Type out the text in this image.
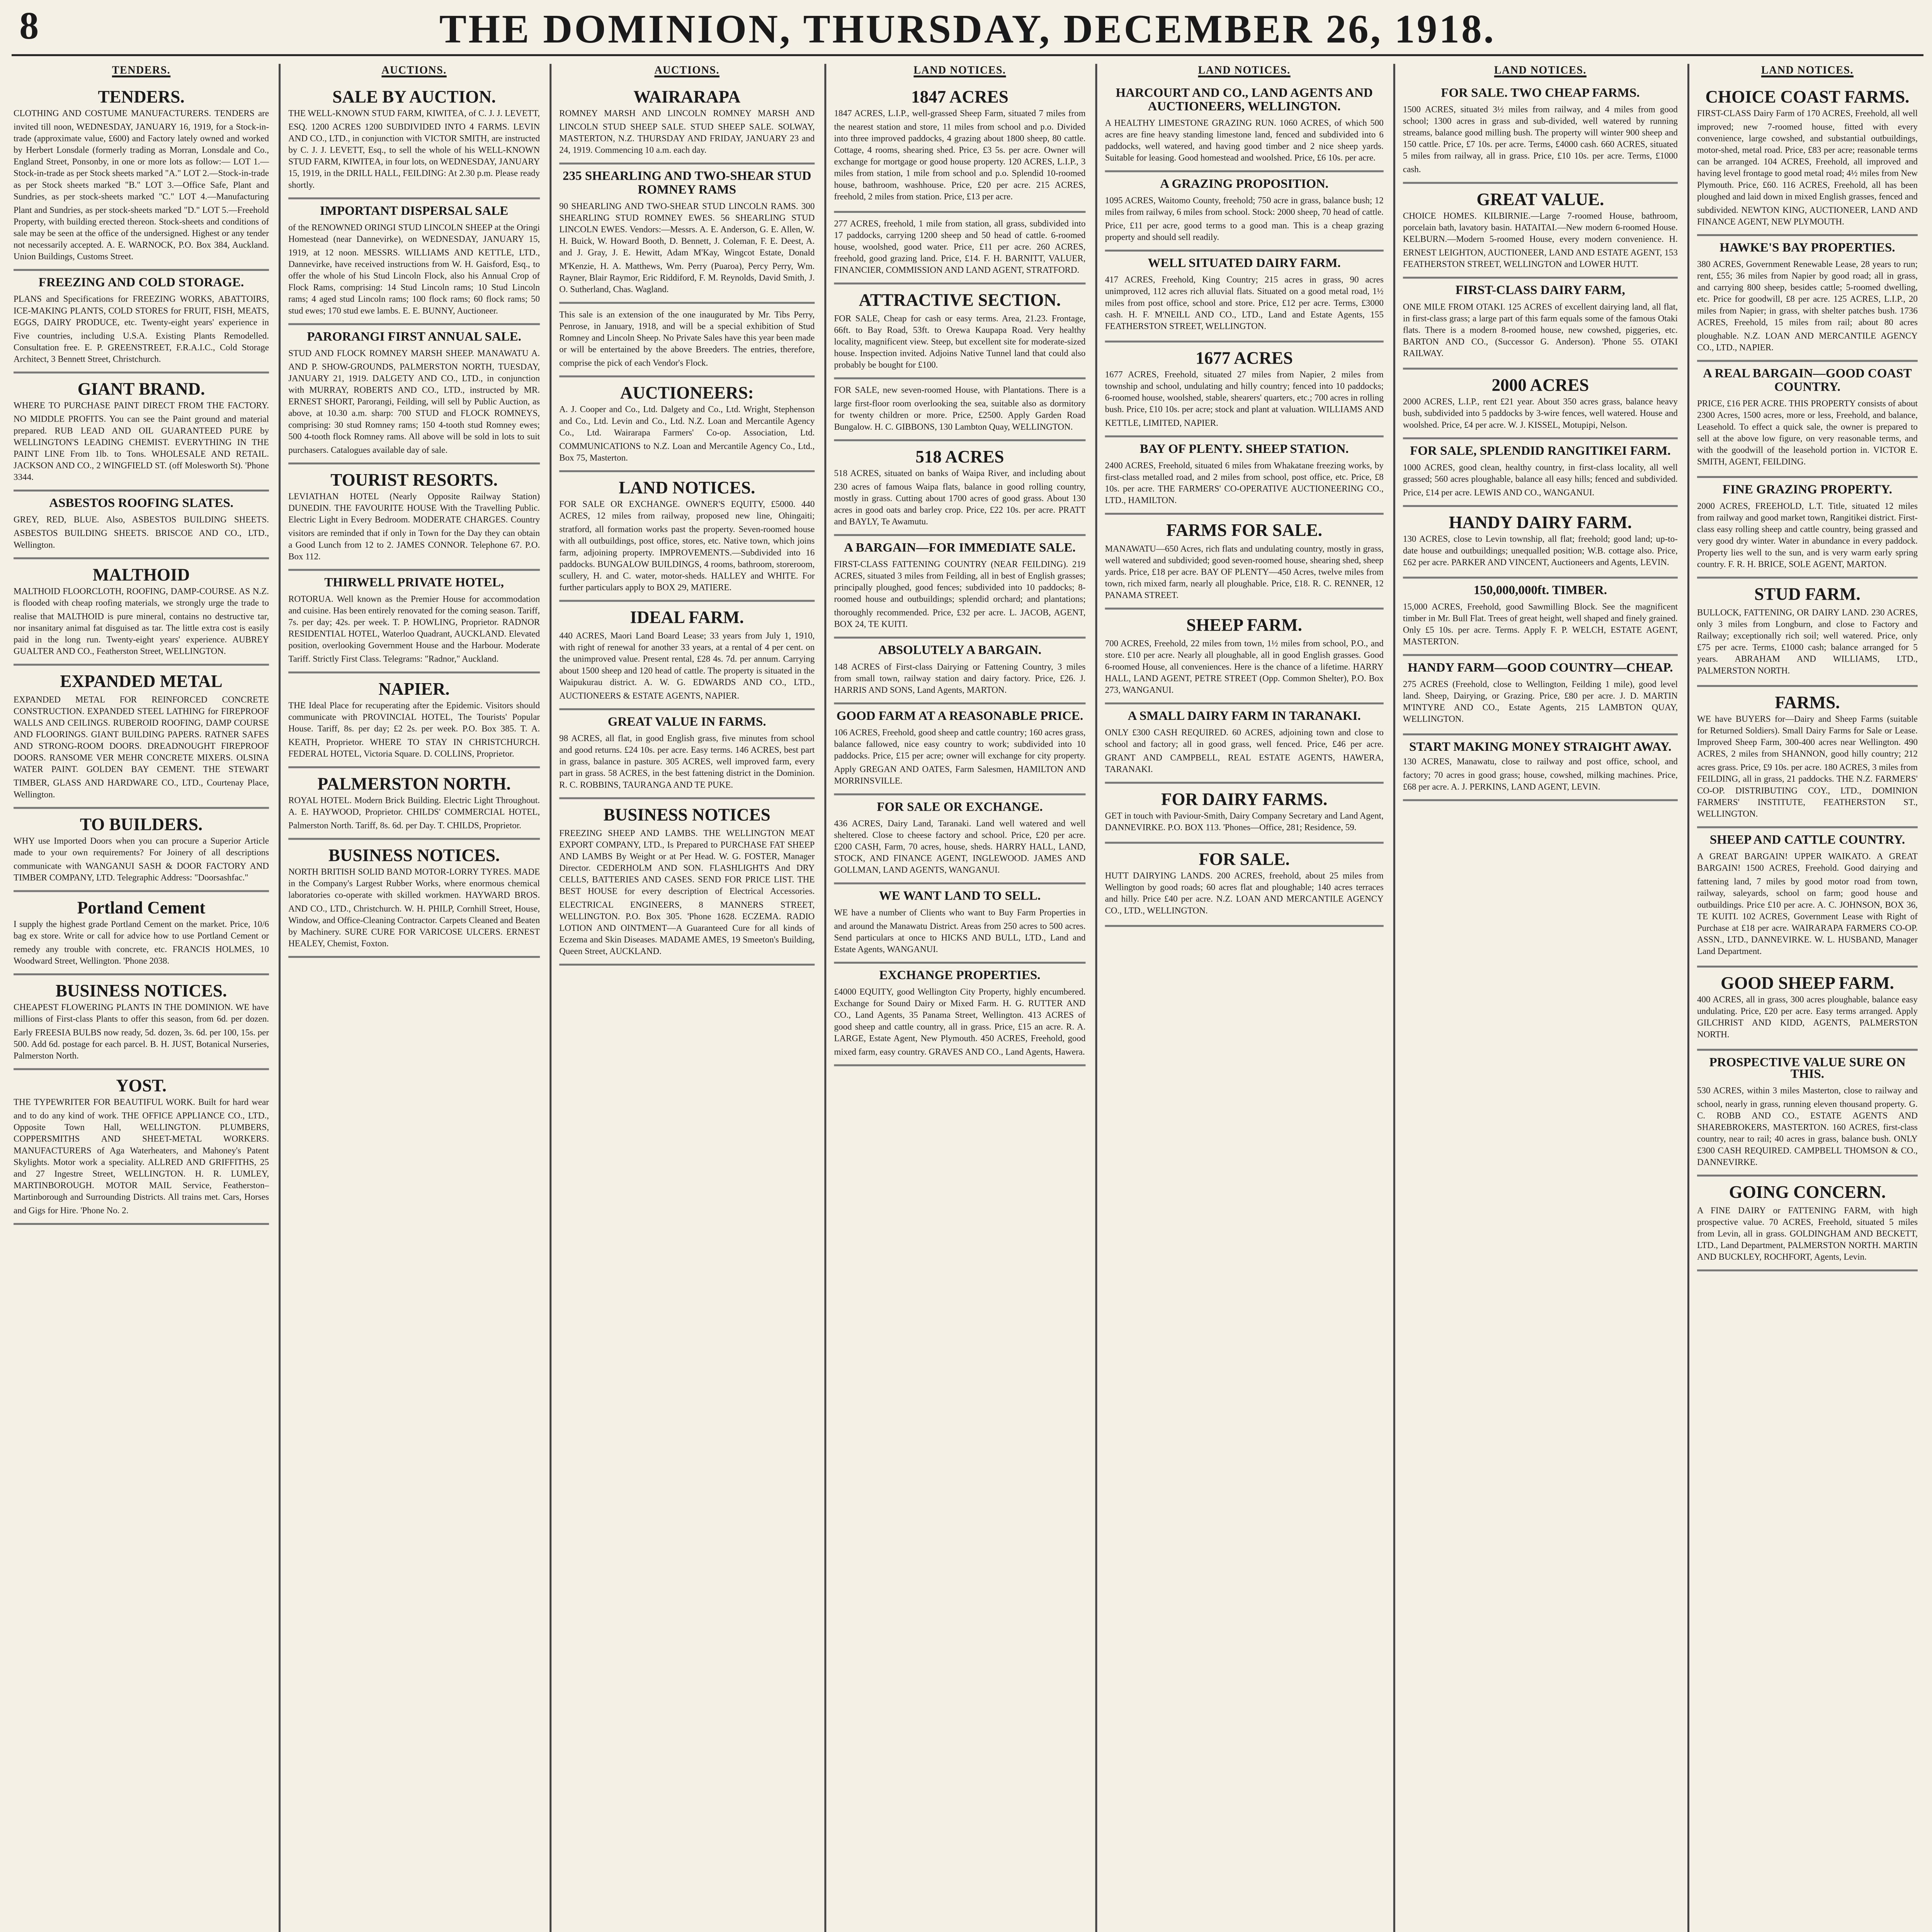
8	THE DOMINION, THURSDAY, DECEMBER 26, 1918.
TENDERS.
TENDERS.
CLOTHING AND COSTUME MANUFACTURERS. TENDERS are invited till noon, WEDNESDAY, JANUARY 16, 1919, for a Stock-in-trade (approximate value, £600) and Factory lately owned and worked by Herbert Lonsdale (formerly trading as Morran, Lonsdale and Co., England Street, Ponsonby, in one or more lots as follow:— LOT 1.—Stock-in-trade as per Stock sheets marked "A." LOT 2.—Stock-in-trade as per Stock sheets marked "B." LOT 3.—Office Safe, Plant and Sundries, as per stock-sheets marked "C." LOT 4.—Manufacturing Plant and Sundries, as per stock-sheets marked "D." LOT 5.—Freehold Property, with building erected thereon. Stock-sheets and conditions of sale may be seen at the office of the undersigned. Highest or any tender not necessarily accepted. A. E. WARNOCK, P.O. Box 384, Auckland. Union Buildings, Customs Street.
FREEZING AND COLD STORAGE.
PLANS and Specifications for FREEZING WORKS, ABATTOIRS, ICE-MAKING PLANTS, COLD STORES for FRUIT, FISH, MEATS, EGGS, DAIRY PRODUCE, etc. Twenty-eight years' experience in Five countries, including U.S.A. Existing Plants Remodelled. Consultation free. E. P. GREENSTREET, F.R.A.I.C., Cold Storage Architect, 3 Bennett Street, Christchurch.
GIANT BRAND.
WHERE TO PURCHASE PAINT DIRECT FROM THE FACTORY. NO MIDDLE PROFITS. You can see the Paint ground and material prepared. RUB LEAD AND OIL GUARANTEED PURE by WELLINGTON'S LEADING CHEMIST. EVERYTHING IN THE PAINT LINE From 1lb. to Tons. WHOLESALE AND RETAIL. JACKSON AND CO., 2 WINGFIELD ST. (off Molesworth St). 'Phone 3344.
ASBESTOS ROOFING SLATES.
GREY, RED, BLUE. Also, ASBESTOS BUILDING SHEETS. ASBESTOS BUILDING SHEETS. BRISCOE AND CO., LTD., Wellington.
MALTHOID
MALTHOID FLOORCLOTH, ROOFING, DAMP-COURSE. AS N.Z. is flooded with cheap roofing materials, we strongly urge the trade to realise that MALTHOID is pure mineral, contains no destructive tar, nor insanitary animal fat disguised as tar. The little extra cost is easily paid in the long run. Twenty-eight years' experience. AUBREY GUALTER AND CO., Featherston Street, WELLINGTON.
EXPANDED METAL
EXPANDED METAL FOR REINFORCED CONCRETE CONSTRUCTION. EXPANDED STEEL LATHING for FIREPROOF WALLS AND CEILINGS. RUBEROID ROOFING, DAMP COURSE AND FLOORINGS. GIANT BUILDING PAPERS. RATNER SAFES AND STRONG-ROOM DOORS. DREADNOUGHT FIREPROOF DOORS. RANSOME VER MEHR CONCRETE MIXERS. OLSINA WATER PAINT. GOLDEN BAY CEMENT. THE STEWART TIMBER, GLASS AND HARDWARE CO., LTD., Courtenay Place, Wellington.
TO BUILDERS.
WHY use Imported Doors when you can procure a Superior Article made to your own requirements? For Joinery of all descriptions communicate with WANGANUI SASH & DOOR FACTORY AND TIMBER COMPANY, LTD. Telegraphic Address: "Doorsashfac."
Portland Cement
I supply the highest grade Portland Cement on the market. Price, 10/6 bag ex store. Write or call for advice how to use Portland Cement or remedy any trouble with concrete, etc. FRANCIS HOLMES, 10 Woodward Street, Wellington. 'Phone 2038.
BUSINESS NOTICES.
CHEAPEST FLOWERING PLANTS IN THE DOMINION. WE have millions of First-class Plants to offer this season, from 6d. per dozen. Early FREESIA BULBS now ready, 5d. dozen, 3s. 6d. per 100, 15s. per 500. Add 6d. postage for each parcel. B. H. JUST, Botanical Nurseries, Palmerston North.
YOST.
THE TYPEWRITER FOR BEAUTIFUL WORK. Built for hard wear and to do any kind of work. THE OFFICE APPLIANCE CO., LTD., Opposite Town Hall, WELLINGTON. PLUMBERS, COPPERSMITHS AND SHEET-METAL WORKERS. MANUFACTURERS of Aga Waterheaters, and Mahoney's Patent Skylights. Motor work a speciality. ALLRED AND GRIFFITHS, 25 and 27 Ingestre Street, WELLINGTON. H. R. LUMLEY, MARTINBOROUGH. MOTOR MAIL Service, Featherston–Martinborough and Surrounding Districts. All trains met. Cars, Horses and Gigs for Hire. 'Phone No. 2.
AUCTIONS.
SALE BY AUCTION.
THE WELL-KNOWN STUD FARM, KIWITEA, of C. J. J. LEVETT, ESQ. 1200 ACRES 1200 SUBDIVIDED INTO 4 FARMS. LEVIN AND CO., LTD., in conjunction with VICTOR SMITH, are instructed by C. J. J. LEVETT, Esq., to sell the whole of his WELL-KNOWN STUD FARM, KIWITEA, in four lots, on WEDNESDAY, JANUARY 15, 1919, in the DRILL HALL, FEILDING: At 2.30 p.m. Please ready shortly.
IMPORTANT DISPERSAL SALE
of the RENOWNED ORINGI STUD LINCOLN SHEEP at the Oringi Homestead (near Dannevirke), on WEDNESDAY, JANUARY 15, 1919, at 12 noon. MESSRS. WILLIAMS AND KETTLE, LTD., Dannevirke, have received instructions from W. H. Gaisford, Esq., to offer the whole of his Stud Lincoln Flock, also his Annual Crop of Flock Rams, comprising: 14 Stud Lincoln rams; 10 Stud Lincoln rams; 4 aged stud Lincoln rams; 100 flock rams; 60 flock rams; 50 stud ewes; 170 stud ewe lambs. E. E. BUNNY, Auctioneer.
PARORANGI FIRST ANNUAL SALE.
STUD AND FLOCK ROMNEY MARSH SHEEP. MANAWATU A. AND P. SHOW-GROUNDS, PALMERSTON NORTH, TUESDAY, JANUARY 21, 1919. DALGETY AND CO., LTD., in conjunction with MURRAY, ROBERTS AND CO., LTD., instructed by MR. ERNEST SHORT, Parorangi, Feilding, will sell by Public Auction, as above, at 10.30 a.m. sharp: 700 STUD and FLOCK ROMNEYS, comprising: 30 stud Romney rams; 150 4-tooth stud Romney ewes; 500 4-tooth flock Romney rams. All above will be sold in lots to suit purchasers. Catalogues available day of sale.
TOURIST RESORTS.
LEVIATHAN HOTEL (Nearly Opposite Railway Station) DUNEDIN. THE FAVOURITE HOUSE With the Travelling Public. Electric Light in Every Bedroom. MODERATE CHARGES. Country visitors are reminded that if only in Town for the Day they can obtain a Good Lunch from 12 to 2. JAMES CONNOR. Telephone 67. P.O. Box 112.
THIRWELL PRIVATE HOTEL,
ROTORUA. Well known as the Premier House for accommodation and cuisine. Has been entirely renovated for the coming season. Tariff, 7s. per day; 42s. per week. T. P. HOWLING, Proprietor. RADNOR RESIDENTIAL HOTEL, Waterloo Quadrant, AUCKLAND. Elevated position, overlooking Government House and the Harbour. Moderate Tariff. Strictly First Class. Telegrams: "Radnor," Auckland.
NAPIER.
THE Ideal Place for recuperating after the Epidemic. Visitors should communicate with PROVINCIAL HOTEL, The Tourists' Popular House. Tariff, 8s. per day; £2 2s. per week. P.O. Box 385. T. A. KEATH, Proprietor. WHERE TO STAY IN CHRISTCHURCH. FEDERAL HOTEL, Victoria Square. D. COLLINS, Proprietor.
PALMERSTON NORTH.
ROYAL HOTEL. Modern Brick Building. Electric Light Throughout. A. E. HAYWOOD, Proprietor. CHILDS' COMMERCIAL HOTEL, Palmerston North. Tariff, 8s. 6d. per Day. T. CHILDS, Proprietor.
BUSINESS NOTICES.
NORTH BRITISH SOLID BAND MOTOR-LORRY TYRES. MADE in the Company's Largest Rubber Works, where enormous chemical laboratories co-operate with skilled workmen. HAYWARD BROS. AND CO., LTD., Christchurch. W. H. PHILP, Cornhill Street, House, Window, and Office-Cleaning Contractor. Carpets Cleaned and Beaten by Machinery. SURE CURE FOR VARICOSE ULCERS. ERNEST HEALEY, Chemist, Foxton.
AUCTIONS.
WAIRARAPA
ROMNEY MARSH AND LINCOLN ROMNEY MARSH AND LINCOLN STUD SHEEP SALE. STUD SHEEP SALE. SOLWAY, MASTERTON, N.Z. THURSDAY AND FRIDAY, JANUARY 23 and 24, 1919. Commencing 10 a.m. each day.
235 SHEARLING AND TWO-SHEAR STUD ROMNEY RAMS
90 SHEARLING AND TWO-SHEAR STUD LINCOLN RAMS. 300 SHEARLING STUD ROMNEY EWES. 56 SHEARLING STUD LINCOLN EWES. Vendors:—Messrs. A. E. Anderson, G. E. Allen, W. H. Buick, W. Howard Booth, D. Bennett, J. Coleman, F. E. Deest, A. and J. Gray, J. E. Hewitt, Adam M'Kay, Wingcot Estate, Donald M'Kenzie, H. A. Matthews, Wm. Perry (Puaroa), Percy Perry, Wm. Rayner, Blair Raymor, Eric Riddiford, F. M. Reynolds, David Smith, J. O. Sutherland, Chas. Wagland.
This sale is an extension of the one inaugurated by Mr. Tibs Perry, Penrose, in January, 1918, and will be a special exhibition of Stud Romney and Lincoln Sheep. No Private Sales have this year been made or will be entertained by the above Breeders. The entries, therefore, comprise the pick of each Vendor's Flock.
AUCTIONEERS:
A. J. Cooper and Co., Ltd. Dalgety and Co., Ltd. Wright, Stephenson and Co., Ltd. Levin and Co., Ltd. N.Z. Loan and Mercantile Agency Co., Ltd. Wairarapa Farmers' Co-op. Association, Ltd. COMMUNICATIONS to N.Z. Loan and Mercantile Agency Co., Ltd., Box 75, Masterton.
LAND NOTICES.
FOR SALE OR EXCHANGE. OWNER'S EQUITY, £5000. 440 ACRES, 12 miles from railway, proposed new line, Ohingaiti; stratford, all formation works past the property. Seven-roomed house with all outbuildings, post office, stores, etc. Native town, which joins farm, adjoining property. IMPROVEMENTS.—Subdivided into 16 paddocks. BUNGALOW BUILDINGS, 4 rooms, bathroom, storeroom, scullery, H. and C. water, motor-sheds. HALLEY and WHITE. For further particulars apply to BOX 29, MATIERE.
IDEAL FARM.
440 ACRES, Maori Land Board Lease; 33 years from July 1, 1910, with right of renewal for another 33 years, at a rental of 4 per cent. on the unimproved value. Present rental, £28 4s. 7d. per annum. Carrying about 1500 sheep and 120 head of cattle. The property is situated in the Waipukurau district. A. W. G. EDWARDS AND CO., LTD., AUCTIONEERS & ESTATE AGENTS, NAPIER.
GREAT VALUE IN FARMS.
98 ACRES, all flat, in good English grass, five minutes from school and good returns. £24 10s. per acre. Easy terms. 146 ACRES, best part in grass, balance in pasture. 305 ACRES, well improved farm, every part in grass. 58 ACRES, in the best fattening district in the Dominion. R. C. ROBBINS, TAURANGA AND TE PUKE.
BUSINESS NOTICES
FREEZING SHEEP AND LAMBS. THE WELLINGTON MEAT EXPORT COMPANY, LTD., Is Prepared to PURCHASE FAT SHEEP AND LAMBS By Weight or at Per Head. W. G. FOSTER, Manager Director. CEDERHOLM AND SON. FLASHLIGHTS And DRY CELLS, BATTERIES AND CASES. SEND FOR PRICE LIST. THE BEST HOUSE for every description of Electrical Accessories. ELECTRICAL ENGINEERS, 8 MANNERS STREET, WELLINGTON. P.O. Box 305. 'Phone 1628. ECZEMA. RADIO LOTION AND OINTMENT—A Guaranteed Cure for all kinds of Eczema and Skin Diseases. MADAME AMES, 19 Smeeton's Building, Queen Street, AUCKLAND.
LAND NOTICES.
1847 ACRES
1847 ACRES, L.I.P., well-grassed Sheep Farm, situated 7 miles from the nearest station and store, 11 miles from school and p.o. Divided into three improved paddocks, 4 grazing about 1800 sheep, 80 cattle. Cottage, 4 rooms, shearing shed. Price, £3 5s. per acre. Owner will exchange for mortgage or good house property. 120 ACRES, L.I.P., 3 miles from station, 1 mile from school and p.o. Splendid 10-roomed house, bathroom, washhouse. Price, £20 per acre. 215 ACRES, freehold, 2 miles from station. Price, £13 per acre.
277 ACRES, freehold, 1 mile from station, all grass, subdivided into 17 paddocks, carrying 1200 sheep and 50 head of cattle. 6-roomed house, woolshed, good water. Price, £11 per acre. 260 ACRES, freehold, good grazing land. Price, £14. F. H. BARNITT, VALUER, FINANCIER, COMMISSION AND LAND AGENT, STRATFORD.
ATTRACTIVE SECTION.
FOR SALE, Cheap for cash or easy terms. Area, 21.23. Frontage, 66ft. to Bay Road, 53ft. to Orewa Kaupapa Road. Very healthy locality, magnificent view. Steep, but excellent site for moderate-sized house. Inspection invited. Adjoins Native Tunnel land that could also probably be bought for £100.
FOR SALE, new seven-roomed House, with Plantations. There is a large first-floor room overlooking the sea, suitable also as dormitory for twenty children or more. Price, £2500. Apply Garden Road Bungalow. H. C. GIBBONS, 130 Lambton Quay, WELLINGTON.
518 ACRES
518 ACRES, situated on banks of Waipa River, and including about 230 acres of famous Waipa flats, balance in good rolling country, mostly in grass. Cutting about 1700 acres of good grass. About 130 acres in good oats and barley crop. Price, £22 10s. per acre. PRATT and BAYLY, Te Awamutu.
A BARGAIN—FOR IMMEDIATE SALE.
FIRST-CLASS FATTENING COUNTRY (NEAR FEILDING). 219 ACRES, situated 3 miles from Feilding, all in best of English grasses; principally ploughed, good fences; subdivided into 10 paddocks; 8-roomed house and outbuildings; splendid orchard; and plantations; thoroughly recommended. Price, £32 per acre. L. JACOB, AGENT, BOX 24, TE KUITI.
ABSOLUTELY A BARGAIN.
148 ACRES of First-class Dairying or Fattening Country, 3 miles from small town, railway station and dairy factory. Price, £26. J. HARRIS AND SONS, Land Agents, MARTON.
GOOD FARM AT A REASONABLE PRICE.
106 ACRES, Freehold, good sheep and cattle country; 160 acres grass, balance fallowed, nice easy country to work; subdivided into 10 paddocks. Price, £15 per acre; owner will exchange for city property. Apply GREGAN AND OATES, Farm Salesmen, HAMILTON AND MORRINSVILLE.
FOR SALE OR EXCHANGE.
436 ACRES, Dairy Land, Taranaki. Land well watered and well sheltered. Close to cheese factory and school. Price, £20 per acre. £200 CASH, Farm, 70 acres, house, sheds. HARRY HALL, LAND, STOCK, AND FINANCE AGENT, INGLEWOOD. JAMES AND GOLLMAN, LAND AGENTS, WANGANUI.
WE WANT LAND TO SELL.
WE have a number of Clients who want to Buy Farm Properties in and around the Manawatu District. Areas from 250 acres to 500 acres. Send particulars at once to HICKS AND BULL, LTD., Land and Estate Agents, WANGANUI.
EXCHANGE PROPERTIES.
£4000 EQUITY, good Wellington City Property, highly encumbered. Exchange for Sound Dairy or Mixed Farm. H. G. RUTTER AND CO., Land Agents, 35 Panama Street, Wellington. 413 ACRES of good sheep and cattle country, all in grass. Price, £15 an acre. R. A. LARGE, Estate Agent, New Plymouth. 450 ACRES, Freehold, good mixed farm, easy country. GRAVES AND CO., Land Agents, Hawera.
LAND NOTICES.
HARCOURT AND CO., LAND AGENTS AND AUCTIONEERS, WELLINGTON.
A HEALTHY LIMESTONE GRAZING RUN. 1060 ACRES, of which 500 acres are fine heavy standing limestone land, fenced and subdivided into 6 paddocks, well watered, and having good timber and 2 nice sheep yards. Suitable for leasing. Good homestead and woolshed. Price, £6 10s. per acre.
A GRAZING PROPOSITION.
1095 ACRES, Waitomo County, freehold; 750 acre in grass, balance bush; 12 miles from railway, 6 miles from school. Stock: 2000 sheep, 70 head of cattle. Price, £11 per acre, good terms to a good man. This is a cheap grazing property and should sell readily.
WELL SITUATED DAIRY FARM.
417 ACRES, Freehold, King Country; 215 acres in grass, 90 acres unimproved, 112 acres rich alluvial flats. Situated on a good metal road, 1½ miles from post office, school and store. Price, £12 per acre. Terms, £3000 cash. H. F. M'NEILL AND CO., LTD., Land and Estate Agents, 155 FEATHERSTON STREET, WELLINGTON.
1677 ACRES
1677 ACRES, Freehold, situated 27 miles from Napier, 2 miles from township and school, undulating and hilly country; fenced into 10 paddocks; 6-roomed house, woolshed, stable, shearers' quarters, etc.; 700 acres in rolling bush. Price, £10 10s. per acre; stock and plant at valuation. WILLIAMS AND KETTLE, LIMITED, NAPIER.
BAY OF PLENTY. SHEEP STATION.
2400 ACRES, Freehold, situated 6 miles from Whakatane freezing works, by first-class metalled road, and 2 miles from school, post office, etc. Price, £8 10s. per acre. THE FARMERS' CO-OPERATIVE AUCTIONEERING CO., LTD., HAMILTON.
FARMS FOR SALE.
MANAWATU—650 Acres, rich flats and undulating country, mostly in grass, well watered and subdivided; good seven-roomed house, shearing shed, sheep yards. Price, £18 per acre. BAY OF PLENTY—450 Acres, twelve miles from town, rich mixed farm, nearly all ploughable. Price, £18. R. C. RENNER, 12 PANAMA STREET.
SHEEP FARM.
700 ACRES, Freehold, 22 miles from town, 1½ miles from school, P.O., and store. £10 per acre. Nearly all ploughable, all in good English grasses. Good 6-roomed House, all conveniences. Here is the chance of a lifetime. HARRY HALL, LAND AGENT, PETRE STREET (Opp. Common Shelter), P.O. Box 273, WANGANUI.
A SMALL DAIRY FARM IN TARANAKI.
ONLY £300 CASH REQUIRED. 60 ACRES, adjoining town and close to school and factory; all in good grass, well fenced. Price, £46 per acre. GRANT AND CAMPBELL, REAL ESTATE AGENTS, HAWERA, TARANAKI.
FOR DAIRY FARMS.
GET in touch with Paviour-Smith, Dairy Company Secretary and Land Agent, DANNEVIRKE. P.O. BOX 113. 'Phones—Office, 281; Residence, 59.
FOR SALE.
HUTT DAIRYING LANDS. 200 ACRES, freehold, about 25 miles from Wellington by good roads; 60 acres flat and ploughable; 140 acres terraces and hilly. Price £40 per acre. N.Z. LOAN AND MERCANTILE AGENCY CO., LTD., WELLINGTON.
LAND NOTICES.
FOR SALE. TWO CHEAP FARMS.
1500 ACRES, situated 3½ miles from railway, and 4 miles from good school; 1300 acres in grass and sub-divided, well watered by running streams, balance good milling bush. The property will winter 900 sheep and 150 cattle. Price, £7 10s. per acre. Terms, £4000 cash. 660 ACRES, situated 5 miles from railway, all in grass. Price, £10 10s. per acre. Terms, £1000 cash.
GREAT VALUE.
CHOICE HOMES. KILBIRNIE.—Large 7-roomed House, bathroom, porcelain bath, lavatory basin. HATAITAI.—New modern 6-roomed House. KELBURN.—Modern 5-roomed House, every modern convenience. H. ERNEST LEIGHTON, AUCTIONEER, LAND AND ESTATE AGENT, 153 FEATHERSTON STREET, WELLINGTON and LOWER HUTT.
FIRST-CLASS DAIRY FARM,
ONE MILE FROM OTAKI. 125 ACRES of excellent dairying land, all flat, in first-class grass; a large part of this farm equals some of the famous Otaki flats. There is a modern 8-roomed house, new cowshed, piggeries, etc. BARTON AND CO., (Successor G. Anderson). 'Phone 55. OTAKI RAILWAY.
2000 ACRES
2000 ACRES, L.I.P., rent £21 year. About 350 acres grass, balance heavy bush, subdivided into 5 paddocks by 3-wire fences, well watered. House and woolshed. Price, £4 per acre. W. J. KISSEL, Motupipi, Nelson.
FOR SALE, SPLENDID RANGITIKEI FARM.
1000 ACRES, good clean, healthy country, in first-class locality, all well grassed; 560 acres ploughable, balance all easy hills; fenced and subdivided. Price, £14 per acre. LEWIS AND CO., WANGANUI.
HANDY DAIRY FARM.
130 ACRES, close to Levin township, all flat; freehold; good land; up-to-date house and outbuildings; unequalled position; W.B. cottage also. Price, £62 per acre. PARKER AND VINCENT, Auctioneers and Agents, LEVIN.
150,000,000ft. TIMBER.
15,000 ACRES, Freehold, good Sawmilling Block. See the magnificent timber in Mr. Bull Flat. Trees of great height, well shaped and finely grained. Only £5 10s. per acre. Terms. Apply F. P. WELCH, ESTATE AGENT, MASTERTON.
HANDY FARM—GOOD COUNTRY—CHEAP.
275 ACRES (Freehold, close to Wellington, Feilding 1 mile), good level land. Sheep, Dairying, or Grazing. Price, £80 per acre. J. D. MARTIN M'INTYRE AND CO., Estate Agents, 215 LAMBTON QUAY, WELLINGTON.
START MAKING MONEY STRAIGHT AWAY.
130 ACRES, Manawatu, close to railway and post office, school, and factory; 70 acres in good grass; house, cowshed, milking machines. Price, £68 per acre. A. J. PERKINS, LAND AGENT, LEVIN.
LAND NOTICES.
CHOICE COAST FARMS.
FIRST-CLASS Dairy Farm of 170 ACRES, Freehold, all well improved; new 7-roomed house, fitted with every convenience, large cowshed, and substantial outbuildings, motor-shed, metal road. Price, £83 per acre; reasonable terms can be arranged. 104 ACRES, Freehold, all improved and having level frontage to good metal road; 4½ miles from New Plymouth. Price, £60. 116 ACRES, Freehold, all has been ploughed and laid down in mixed English grasses, fenced and subdivided. NEWTON KING, AUCTIONEER, LAND AND FINANCE AGENT, NEW PLYMOUTH.
HAWKE'S BAY PROPERTIES.
380 ACRES, Government Renewable Lease, 28 years to run; rent, £55; 36 miles from Napier by good road; all in grass, and carrying 800 sheep, besides cattle; 5-roomed dwelling, etc. Price for goodwill, £8 per acre. 125 ACRES, L.I.P., 20 miles from Napier; in grass, with shelter patches bush. 1736 ACRES, Freehold, 15 miles from rail; about 80 acres ploughable. N.Z. LOAN AND MERCANTILE AGENCY CO., LTD., NAPIER.
A REAL BARGAIN—GOOD COAST COUNTRY.
PRICE, £16 PER ACRE. THIS PROPERTY consists of about 2300 Acres, 1500 acres, more or less, Freehold, and balance, Leasehold. To effect a quick sale, the owner is prepared to sell at the above low figure, on very reasonable terms, and with the goodwill of the leasehold portion in. VICTOR E. SMITH, AGENT, FEILDING.
FINE GRAZING PROPERTY.
2000 ACRES, FREEHOLD, L.T. Title, situated 12 miles from railway and good market town, Rangitikei district. First-class easy rolling sheep and cattle country, being grassed and very good dry winter. Water in abundance in every paddock. Property lies well to the sun, and is very warm early spring country. F. R. H. BRICE, SOLE AGENT, MARTON.
STUD FARM.
BULLOCK, FATTENING, OR DAIRY LAND. 230 ACRES, only 3 miles from Longburn, and close to Factory and Railway; exceptionally rich soil; well watered. Price, only £75 per acre. Terms, £1000 cash; balance arranged for 5 years. ABRAHAM AND WILLIAMS, LTD., PALMERSTON NORTH.
FARMS.
WE have BUYERS for—Dairy and Sheep Farms (suitable for Returned Soldiers). Small Dairy Farms for Sale or Lease. Improved Sheep Farm, 300-400 acres near Wellington. 490 ACRES, 2 miles from SHANNON, good hilly country; 212 acres grass. Price, £9 10s. per acre. 180 ACRES, 3 miles from FEILDING, all in grass, 21 paddocks. THE N.Z. FARMERS' CO-OP. DISTRIBUTING COY., LTD., DOMINION FARMERS' INSTITUTE, FEATHERSTON ST., WELLINGTON.
SHEEP AND CATTLE COUNTRY.
A GREAT BARGAIN! UPPER WAIKATO. A GREAT BARGAIN! 1500 ACRES, Freehold. Good dairying and fattening land, 7 miles by good motor road from town, railway, saleyards, school on farm; good house and outbuildings. Price £10 per acre. A. C. JOHNSON, BOX 36, TE KUITI. 102 ACRES, Government Lease with Right of Purchase at £18 per acre. WAIRARAPA FARMERS CO-OP. ASSN., LTD., DANNEVIRKE. W. L. HUSBAND, Manager Land Department.
GOOD SHEEP FARM.
400 ACRES, all in grass, 300 acres ploughable, balance easy undulating. Price, £20 per acre. Easy terms arranged. Apply GILCHRIST AND KIDD, AGENTS, PALMERSTON NORTH.
PROSPECTIVE VALUE SURE ON THIS.
530 ACRES, within 3 miles Masterton, close to railway and school, nearly in grass, running eleven thousand property. G. C. ROBB AND CO., ESTATE AGENTS AND SHAREBROKERS, MASTERTON. 160 ACRES, first-class country, near to rail; 40 acres in grass, balance bush. ONLY £300 CASH REQUIRED. CAMPBELL THOMSON & CO., DANNEVIRKE.
GOING CONCERN.
A FINE DAIRY or FATTENING FARM, with high prospective value. 70 ACRES, Freehold, situated 5 miles from Levin, all in grass. GOLDINGHAM AND BECKETT, LTD., Land Department, PALMERSTON NORTH. MARTIN AND BUCKLEY, ROCHFORT, Agents, Levin.
